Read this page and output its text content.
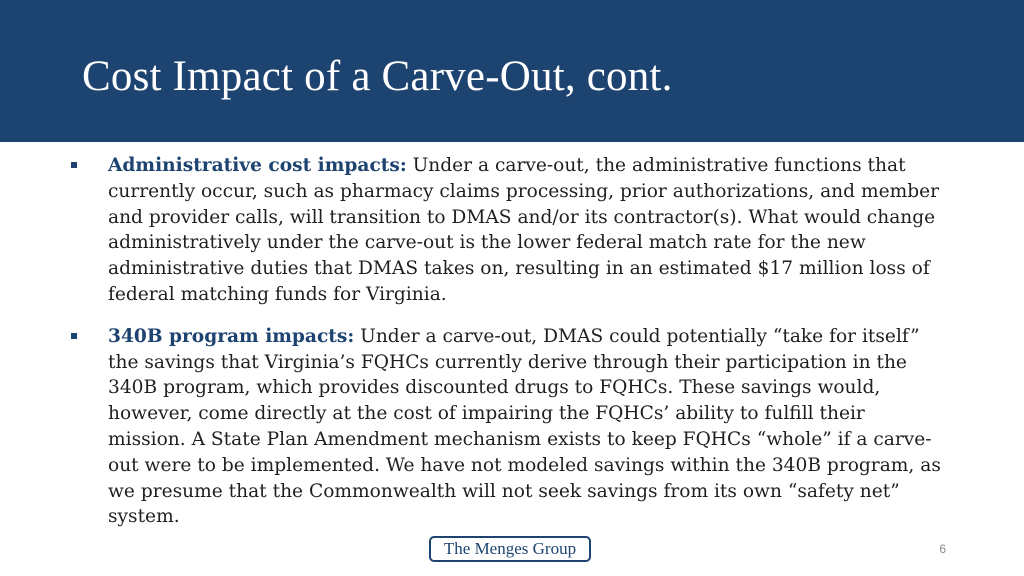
Cost Impact of a Carve-Out, cont.
Administrative cost impacts: Under a carve-out, the administrative functions that currently occur, such as pharmacy claims processing, prior authorizations, and member and provider calls, will transition to DMAS and/or its contractor(s). What would change administratively under the carve-out is the lower federal match rate for the new administrative duties that DMAS takes on, resulting in an estimated $17 million loss of federal matching funds for Virginia.
340B program impacts: Under a carve-out, DMAS could potentially “take for itself” the savings that Virginia’s FQHCs currently derive through their participation in the 340B program, which provides discounted drugs to FQHCs. These savings would, however, come directly at the cost of impairing the FQHCs’ ability to fulfill their mission. A State Plan Amendment mechanism exists to keep FQHCs “whole” if a carve-out were to be implemented. We have not modeled savings within the 340B program, as we presume that the Commonwealth will not seek savings from its own “safety net” system.
The Menges Group	6
